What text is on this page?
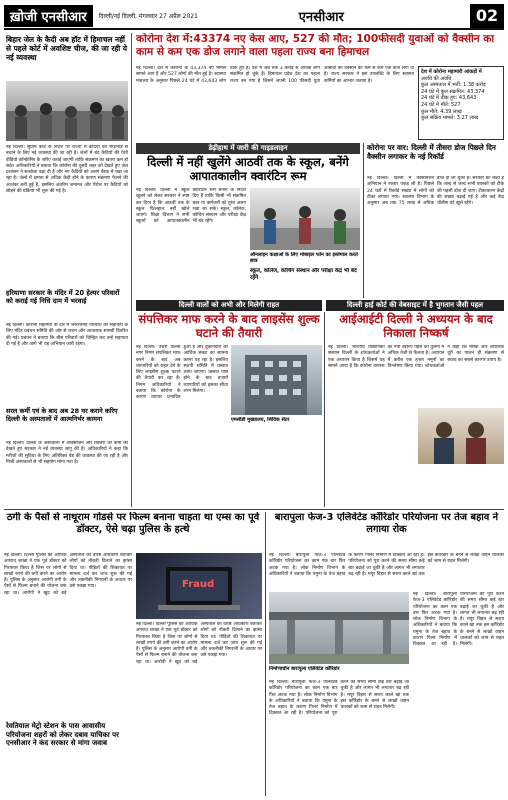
ख़ोजी एनसीआर	दिल्ली/नई दिल्ली, मंगलवार 27 अप्रैल 2021	एनसीआर	02
बिहार जेल के कैदी अब हॉट में हिमाचल नहीं से पहले कोर्ट में अवशिष्ट चीज, की जा रही ये नई व्यवस्था
नई दिल्ली। सुप्रीम कोर्ट के निर्देश पर राज्यों में कैदियों को भीड़भाड़ से बचाने के लिए नई व्यवस्था की जा रही है। जेलों में बंद कैदियों की पेशी वीडियो कॉन्फ्रेंसिंग के जरिए कराई जाएगी ताकि संक्रमण का खतरा कम हो सके। अधिकारियों ने बताया कि कोरोना की दूसरी लहर को देखते हुए जेल प्रशासन ने सतर्कता बढ़ा दी है और नए कैदियों को अलग बैरक में रखा जा रहा है। जेलों में क्षमता से अधिक कैदी होने के कारण संक्रमण फैलने की आशंका बनी हुई है, इसलिए अंतरिम जमानत और पैरोल पर कैदियों को छोड़ने की प्रक्रिया भी शुरू की गई है।
हरियाणा सरकार के मंदिर में 20 हेल्पर परिवारों को कराई गई निधि दाम में भरवाई
नई दिल्ली। कोरोना महामारी के दौर में जरूरतमंद परिवारों की सहायता के लिए मंदिर प्रबंधन समिति की ओर से राशन और आवश्यक सामग्री वितरित की गई। प्रबंधन ने बताया कि बीस परिवारों को चिन्हित कर उन्हें सहायता दी गई है और आगे भी यह अभियान जारी रहेगा।
सरल कर्मी एवं के बाद अब 28 घर कराने करिए दिल्ली के अस्पतालों में आत्मनिर्भर कामना
नई दिल्ली। दिल्ली के अस्पतालों में ऑक्सीजन और बिस्तरों की कमी को देखते हुए सरकार ने नई व्यवस्था लागू की है। अधिकारियों ने कहा कि मरीजों की सुविधा के लिए अतिरिक्त बेड की व्यवस्था की जा रही है और निजी अस्पतालों से भी सहयोग मांगा गया है।
कोरोना देश में:43374 नए केस आए, 527 की मौत; 100फीसदी युवाओं को वैक्सीन का काम से कम एक डोज लगाने वाला पहला राज्य बना हिमाचल
नई दिल्ली। देश में कोरोना के 43,374 नए मामले सामने आए हैं और 527 लोगों की मौत हुई है। स्वास्थ्य मंत्रालय के अनुसार पिछले 24 घंटे में 43,643 लोग ठीक हुए हैं। देश में अब तक 3 करोड़ से अधिक लोग संक्रमित हो चुके हैं। हिमाचल प्रदेश देश का पहला राज्य बन गया है जिसने अपनी 100 फीसदी युवा आबादी को वैक्सीन की कम से कम एक डोज लगा दी है। राज्य सरकार ने इस उपलब्धि के लिए स्वास्थ्य कर्मियों का आभार जताया है।
देश में कोरोना महामारी आंकड़ों में
अवधि की अवधि
कुल अस्पताल में भर्ती: 1.38 करोड़
24 घंटे में कुल संक्रमित: 43,374
24 घंटे में ठीक हुए: 43,643
24 घंटे में मौतें: 527
कुल मौतें: 4.39 लाख
कुल सक्रिय मामले: 3.27 लाख
डेढ़ीहाथ में जारी की गाइडलाइन
दिल्ली में नहीं खुलेंगे आठवीं तक के स्कूल, बनेंगे आपातकालीन क्वारंटिन रूम
नई दिल्ली। दिल्ली में स्कूल खुलने को लेकर सरकार ने स्पष्ट कर दिया है कि आठवीं तक के स्कूल फिलहाल नहीं खोले जाएंगे। शिक्षा विभाग ने सभी स्कूलों को आपातकालीन क्वारंटिन रूम बनाने के निर्देश दिए हैं ताकि किसी भी संक्रमित छात्र या कर्मचारी को तुरंत अलग रखा जा सके। स्कूल, कॉलेज, कोचिंग संस्थान और परीक्षा केंद्र भी बंद रहेंगे।
ऑनलाइन कक्षाओं के लिए मोबाइल फोन का इस्तेमाल करते छात्र
स्कूल, कॉलेज, कोचिंग संस्थान और परीक्षा केंद्र भी बंद रहेंगे
कोरोना पर वार: दिल्ली में तीसरा डोज पिछले दिन वैक्सीन लगाकर के नई रिकॉर्ड
नई दिल्ली। दिल्ली में वैक्सीनेशन अभियान ने रफ्तार पकड़ ली है। पिछले 24 घंटों में रिकॉर्ड संख्या में लोगों को टीका लगाया गया। स्वास्थ्य विभाग के अनुसार अब तक 75 लाख से अधिक डोज दी जा चुकी हैं। सरकार का लक्ष्य है कि जल्द से जल्द सभी वयस्कों को टीके की पहली डोज दी जाए। टीकाकरण केंद्रों की संख्या बढ़ाई गई है और कई केंद्र चौबीस घंटे खुले रहेंगे।
दिल्ली वालों को अभी और मिलेगी राहत	दिल्ली हाई कोर्ट की वेबसाइट में है भुगतान जैसी पहल
संपत्तिकर माफ करने के बाद लाइसेंस शुल्क घटाने की तैयारी
नई दिल्ली। उत्तरी दिल्ली नगर निगम संपत्तिकर माफ करने के बाद अब व्यापारियों को राहत देने के लिए लाइसेंस शुल्क घटाने की तैयारी कर रहा है। निगम अधिकारियों ने बताया कि कोरोना के कारण व्यापार प्रभावित हुआ है और दुकानदारों को आर्थिक संकट का सामना करना पड़ रहा है। इसलिए स्थायी समिति में प्रस्ताव लाया जाएगा। प्रस्ताव पास होने के बाद हजारों व्यापारियों को इसका सीधा लाभ मिलेगा।
एमसीडी मुख्यालय, सिविक सेंटर
आईआईटी दिल्ली ने अध्ययन के बाद निकाला निष्कर्ष
नई दिल्ली। भारतीय प्रौद्योगिकी संस्थान दिल्ली के शोधकर्ताओं ने एक अध्ययन किया है जिसमें यह सामने आया है कि कोरोना वायरस का नया स्वरूप पहले की तुलना में अधिक तेजी से फैलता है। अध्ययन में करीब एक हजार नमूनों का विश्लेषण किया गया। शोधकर्ताओं ने कहा कि मास्क और शारीरिक दूरी का पालन ही संक्रमण से बचाव का सबसे कारगर उपाय है।
रेवतियाल मेट्रो स्टेशन के पास आवासीय परियोजना शहरों को लेकर दबाव याचिका पर एनसीआर ने कंद सरकार से मांगा जवाब
ठगी के पैसों से नाथूराम गोडसे पर फिल्म बनाना चाहता था एम्स का पूर्व डॉक्टर, ऐसे चढ़ा पुलिस के हत्थे
नई दिल्ली। दिल्ली पुलिस की आर्थिक अपराध शाखा ने एक पूर्व डॉक्टर को गिरफ्तार किया है जिस पर लोगों से लाखों रुपये की ठगी करने का आरोप है। पुलिस के अनुसार आरोपी ठगी के पैसों से फिल्म बनाने की योजना बना रहा था। आरोपी ने खुद को बड़े अस्पताल का वरिष्ठ अधिकारी बताकर लोगों को नौकरी दिलाने का झांसा दिया था। पीड़ितों की शिकायत पर मामला दर्ज कर जांच शुरू की गई और तकनीकी निगरानी के आधार पर उसे पकड़ा गया।	Fraud
नई दिल्ली। दिल्ली पुलिस की आर्थिक अपराध शाखा ने एक पूर्व डॉक्टर को गिरफ्तार किया है जिस पर लोगों से लाखों रुपये की ठगी करने का आरोप है। पुलिस के अनुसार आरोपी ठगी के पैसों से फिल्म बनाने की योजना बना रहा था। आरोपी ने खुद को बड़े अस्पताल का वरिष्ठ अधिकारी बताकर लोगों को नौकरी दिलाने का झांसा दिया था। पीड़ितों की शिकायत पर मामला दर्ज कर जांच शुरू की गई और तकनीकी निगरानी के आधार पर उसे पकड़ा गया।
बारापुला फेज-3 एलिवेटेड कॉरिडोर परियोजना पर तेज बहाव ने लगाया रोक
नई दिल्ली। बारापुला फेज-3 एलिवेटेड कॉरिडोर परियोजना का काम एक बार फिर अटक गया है। लोक निर्माण विभाग के अधिकारियों ने बताया कि यमुना के तेज बहाव के कारण पिलर निर्माण में दिक्कत आ रही है। परियोजना को पूरा करने की समय सीमा कई बार बढ़ाई जा चुकी है और लागत भी लगातार बढ़ रही है। मयूर विहार से सराय काले खां तक इस कॉरिडोर के बनने से लाखों वाहन चालकों को जाम से राहत मिलेगी।
निर्माणाधीन बारापुला एलिवेटेड कॉरिडोर
नई दिल्ली। बारापुला फेज-3 एलिवेटेड कॉरिडोर परियोजना का काम एक बार फिर अटक गया है। लोक निर्माण विभाग के अधिकारियों ने बताया कि यमुना के तेज बहाव के कारण पिलर निर्माण में दिक्कत आ रही है। परियोजना को पूरा करने की समय सीमा कई बार बढ़ाई जा चुकी है और लागत भी लगातार बढ़ रही है। मयूर विहार से सराय काले खां तक इस कॉरिडोर के बनने से लाखों वाहन चालकों को जाम से राहत मिलेगी।
नई दिल्ली। बारापुला फेज-3 एलिवेटेड कॉरिडोर परियोजना का काम एक बार फिर अटक गया है। लोक निर्माण विभाग के अधिकारियों ने बताया कि यमुना के तेज बहाव के कारण पिलर निर्माण में दिक्कत आ रही है। परियोजना को पूरा करने की समय सीमा कई बार बढ़ाई जा चुकी है और लागत भी लगातार बढ़ रही है। मयूर विहार से सराय काले खां तक इस कॉरिडोर के बनने से लाखों वाहन चालकों को जाम से राहत मिलेगी।
